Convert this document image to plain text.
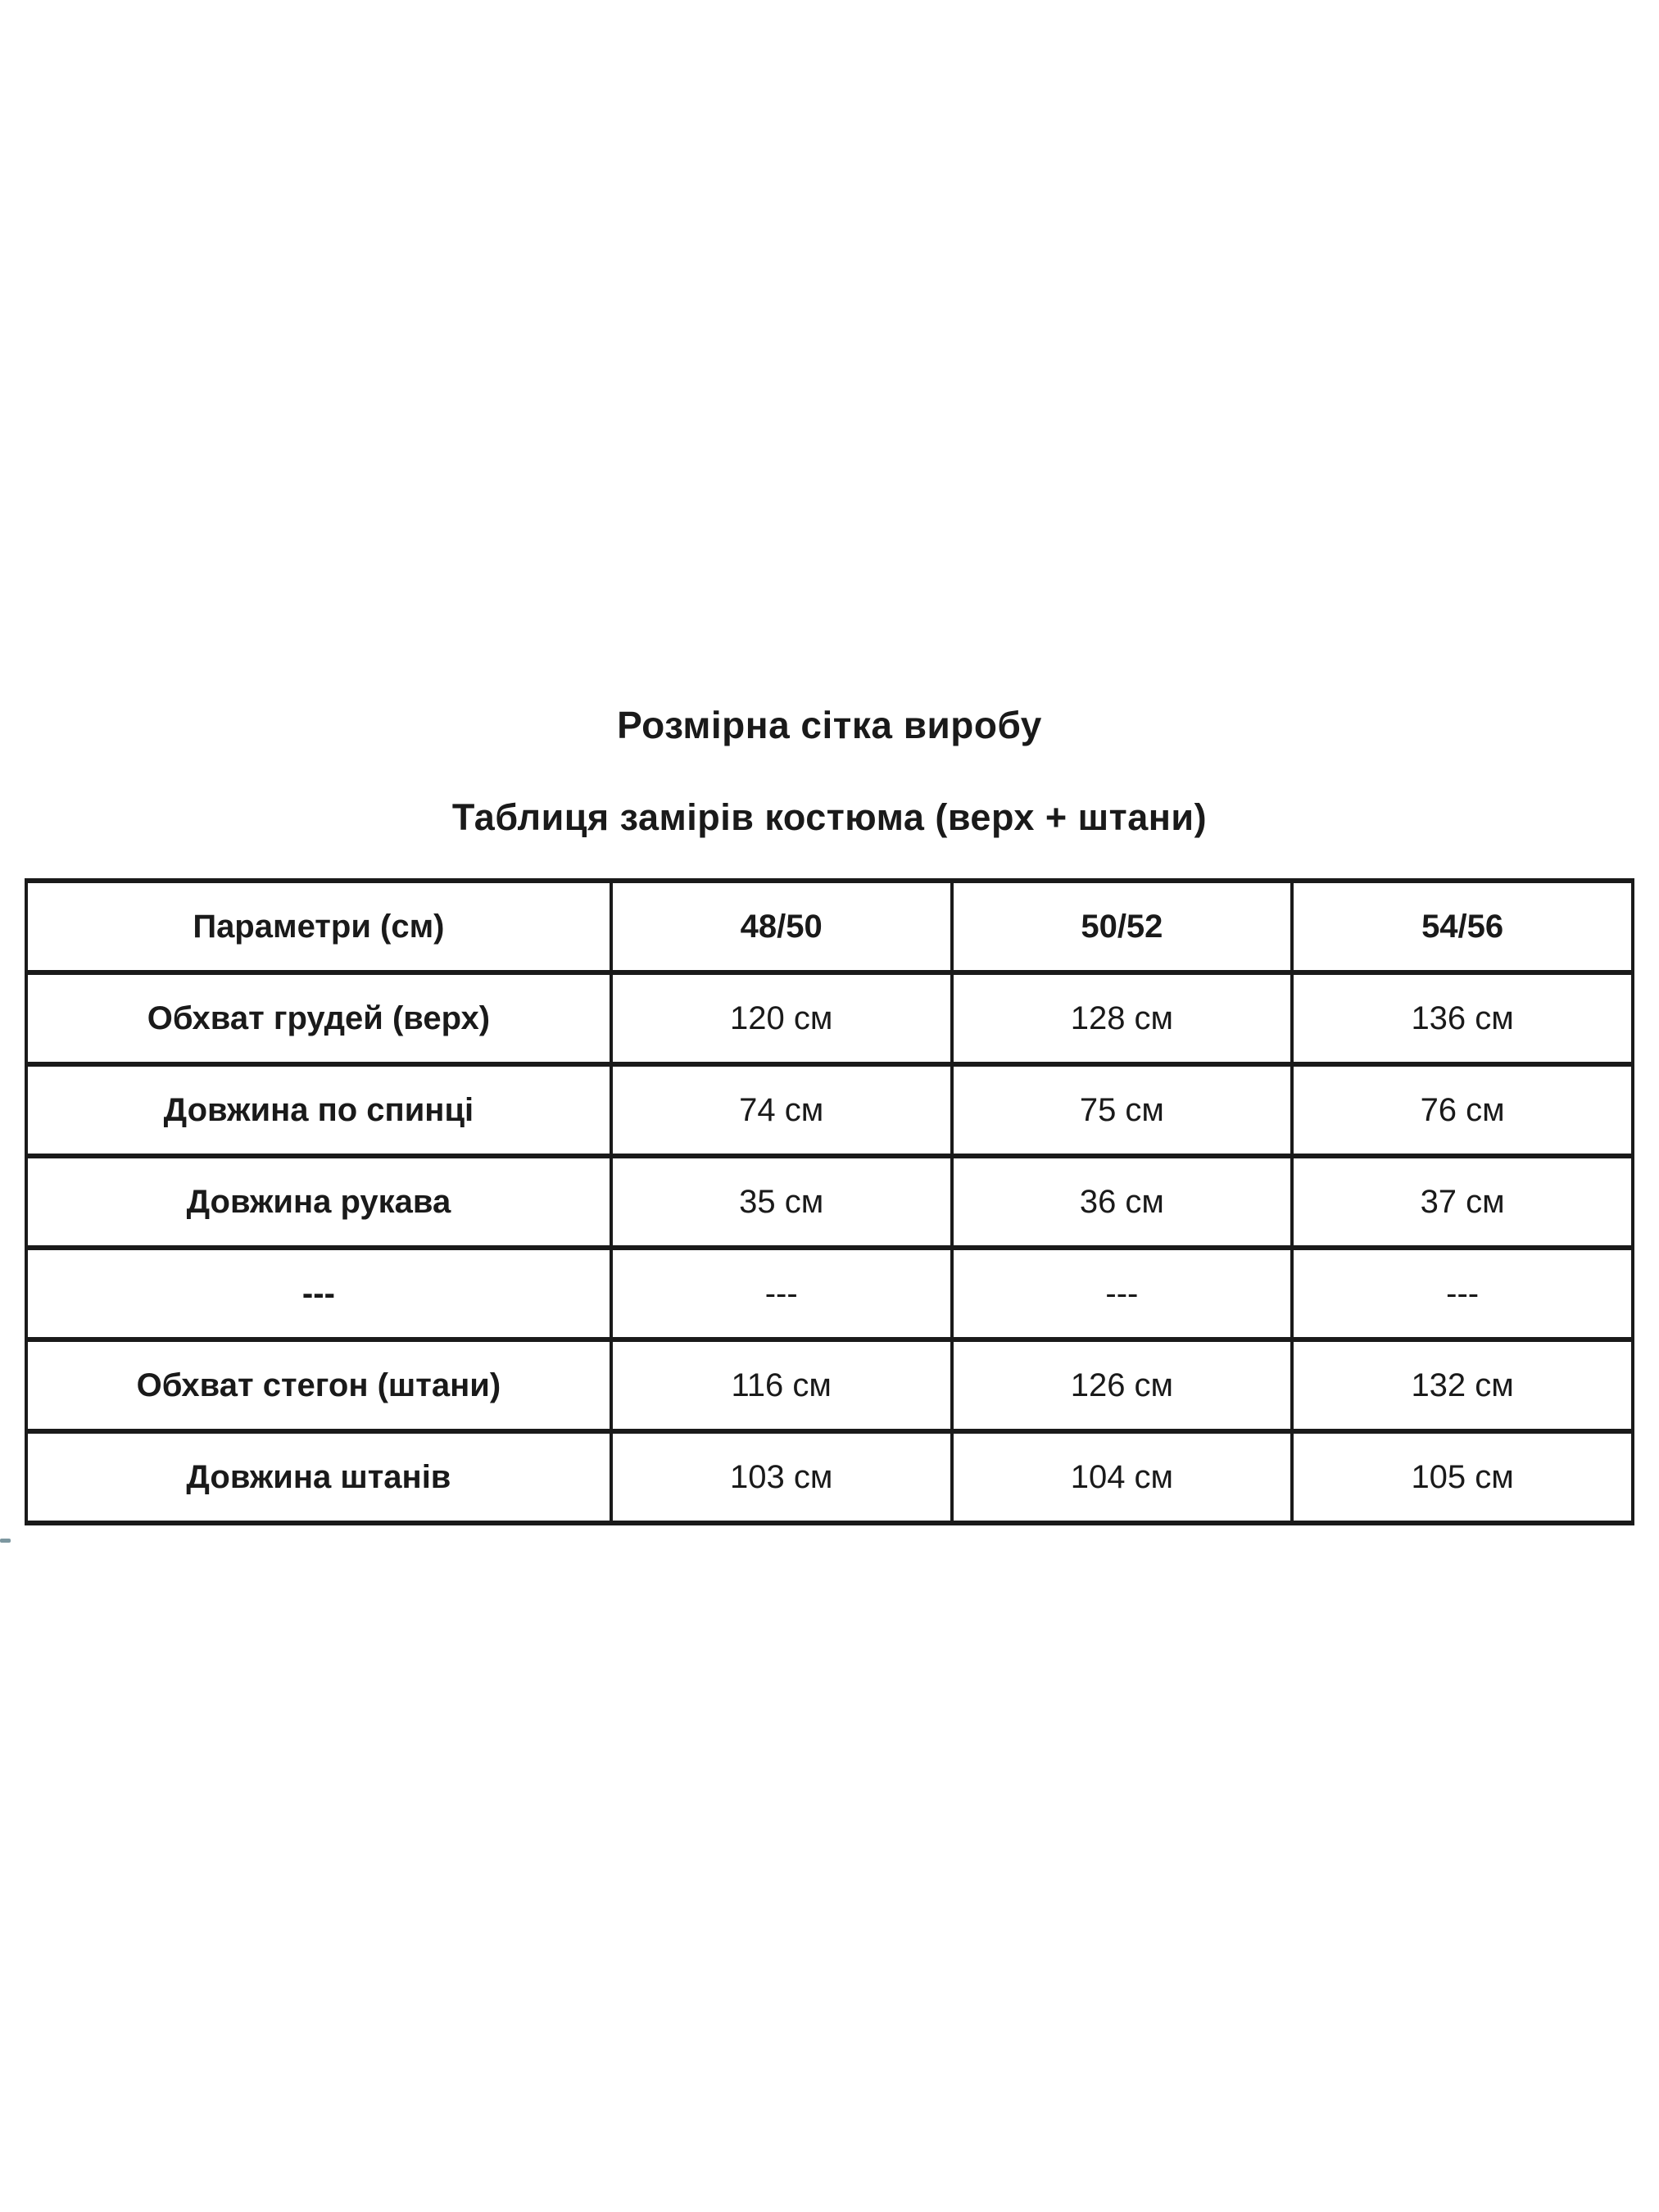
Розмірна сітка виробу
Таблиця замірів костюма (верх + штани)
Параметри (см)	48/50	50/52	54/56
Обхват грудей (верх)	120 см	128 см	136 см
Довжина по спинці	74 см	75 см	76 см
Довжина рукава	35 см	36 см	37 см
---	---	---	---
Обхват стегон (штани)	116 см	126 см	132 см
Довжина штанів	103 см	104 см	105 см
